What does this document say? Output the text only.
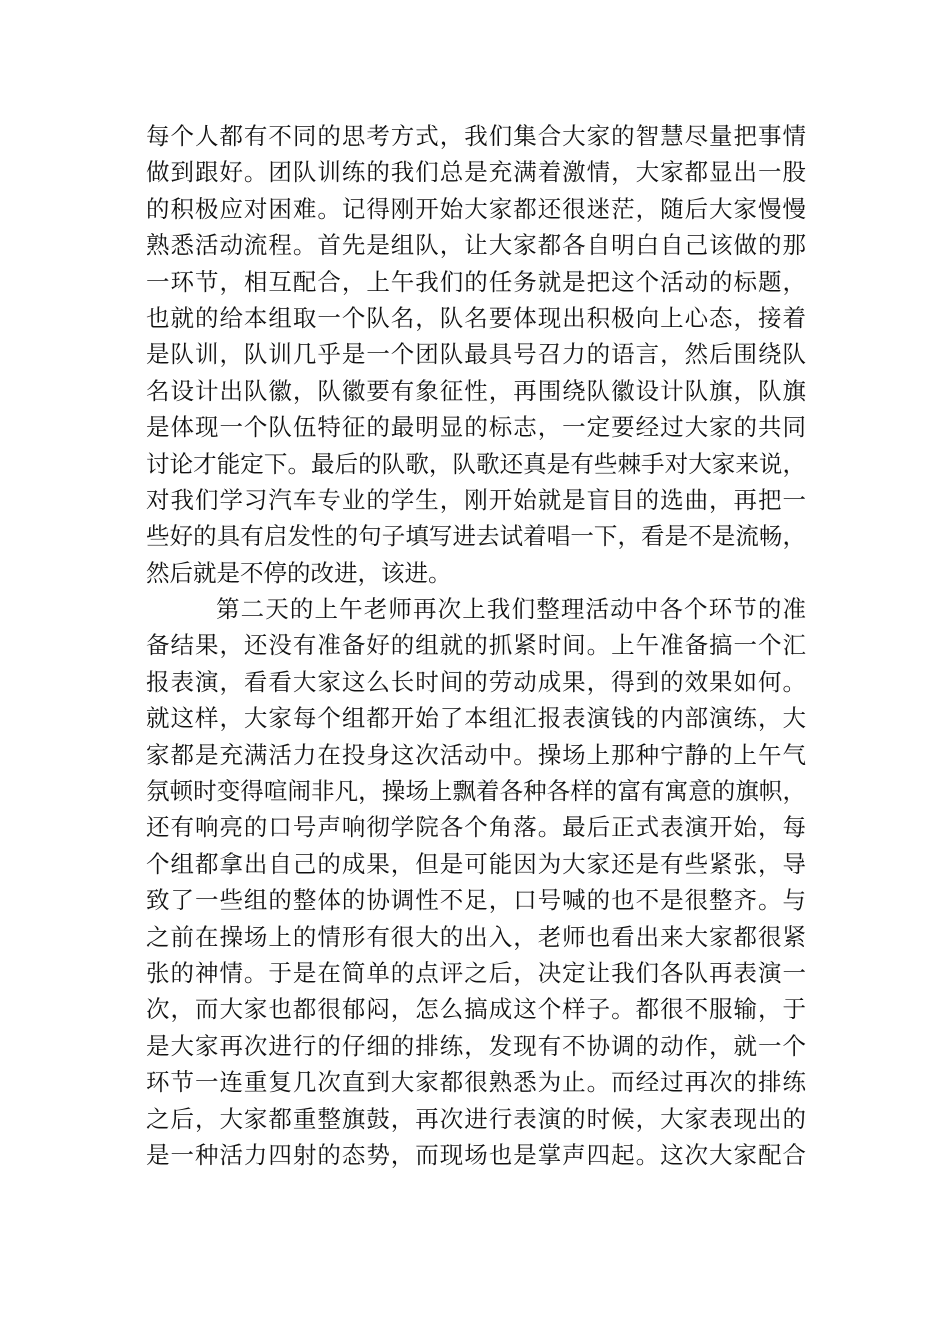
每个人都有不同的思考方式，我们集合大家的智慧尽量把事情
做到跟好。团队训练的我们总是充满着激情，大家都显出一股
的积极应对困难。记得刚开始大家都还很迷茫，随后大家慢慢
熟悉活动流程。首先是组队，让大家都各自明白自己该做的那
一环节，相互配合，上午我们的任务就是把这个活动的标题，
也就的给本组取一个队名，队名要体现出积极向上心态，接着
是队训，队训几乎是一个团队最具号召力的语言，然后围绕队
名设计出队徽，队徽要有象征性，再围绕队徽设计队旗，队旗
是体现一个队伍特征的最明显的标志，一定要经过大家的共同
讨论才能定下。最后的队歌，队歌还真是有些棘手对大家来说，
对我们学习汽车专业的学生，刚开始就是盲目的选曲，再把一
些好的具有启发性的句子填写进去试着唱一下，看是不是流畅，
然后就是不停的改进，该进。
第二天的上午老师再次上我们整理活动中各个环节的准
备结果，还没有准备好的组就的抓紧时间。上午准备搞一个汇
报表演，看看大家这么长时间的劳动成果，得到的效果如何。
就这样，大家每个组都开始了本组汇报表演钱的内部演练，大
家都是充满活力在投身这次活动中。操场上那种宁静的上午气
氛顿时变得喧闹非凡，操场上飘着各种各样的富有寓意的旗帜，
还有响亮的口号声响彻学院各个角落。最后正式表演开始，每
个组都拿出自己的成果，但是可能因为大家还是有些紧张，导
致了一些组的整体的协调性不足，口号喊的也不是很整齐。与
之前在操场上的情形有很大的出入，老师也看出来大家都很紧
张的神情。于是在简单的点评之后，决定让我们各队再表演一
次，而大家也都很郁闷，怎么搞成这个样子。都很不服输，于
是大家再次进行的仔细的排练，发现有不协调的动作，就一个
环节一连重复几次直到大家都很熟悉为止。而经过再次的排练
之后，大家都重整旗鼓，再次进行表演的时候，大家表现出的
是一种活力四射的态势，而现场也是掌声四起。这次大家配合
